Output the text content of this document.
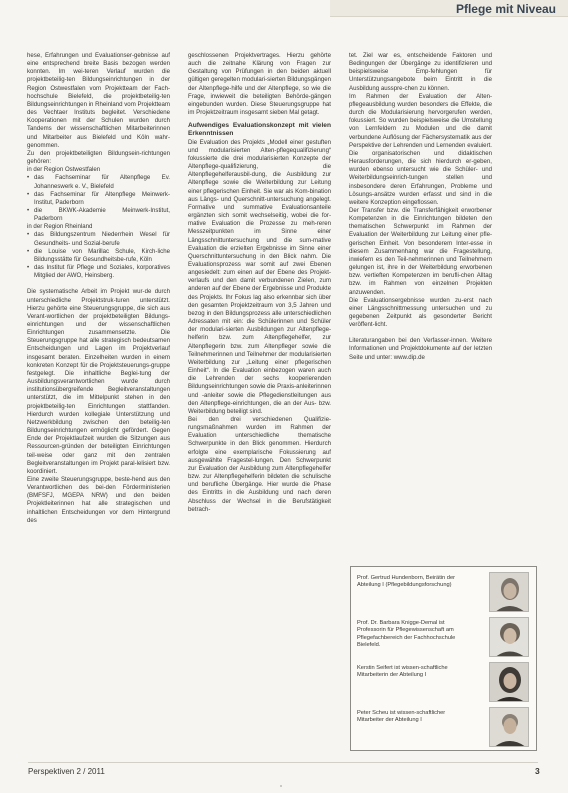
Pflege mit Niveau

hese, Erfahrungen und Evaluationser-gebnisse auf eine entsprechend breite Basis bezogen werden konnten. Im wei-teren Verlauf wurden die projektbeteilig-ten Bildungseinrichtungen in der Region Ostwestfalen vom Projektteam der Fach-hochschule Bielefeld, die projektbeteilig-ten Bildungseinrichtungen in Rheinland vom Projektteam des Vechtaer Instituts begleitet. Verschiedene Kooperationen mit der Schulen wurden durch Tandems der wissenschaftlichen Mitarbeiterinnen und Mitarbeiter aus Bielefeld und Köln wahr-genommen.

Zu den projektbeteiligten Bildungsein-richtungen gehören:

in der Region Ostwestfalen

• das Fachseminar für Altenpflege Ev. Johanneswerk e. V., Bielefeld
• das Fachseminar für Altenpflege Meinwerk-Institut, Paderborn
• die BKWK-Akademie Meinwerk-Institut, Paderborn

in der Region Rheinland

• das Bildungszentrum Niederrhein Wesel für Gesundheits- und Sozial-berufe
• die Louise von Marillac Schule, Kirch-liche Bildungsstätte für Gesundheitsbe-rufe, Köln
• das Institut für Pflege und Soziales, korporatives Mitglied der AWO, Heinsberg.

Die systematische Arbeit im Projekt wur-de durch unterschiedliche Projektstruk-turen unterstützt. Hierzu gehörte eine Steuerungsgruppe, die sich aus Verant-wortlichen der projektbeteiligten Bildungs-einrichtungen und der wissenschaftlichen Einrichtungen zusammensetzte. Die Steuerungsgruppe hat alle strategisch bedeutsamen Entscheidungen und Lagen im Projektverlauf insgesamt beraten. Einzelheiten wurden in einem konkreten Konzept für die Projektsteuerungs-gruppe festgelegt. Die inhaltliche Beglei-tung der Ausbildungsverantwortlichen wurde durch institutionsübergreifende Begleitveranstaltungen unterstützt, die im Mittelpunkt stehen in den projektbeteilig-ten Einrichtungen stattfanden. Hierdurch wurden kollegiale Unterstützung und Netzwerkbildung zwischen den beteilig-ten Bildungseinrichtungen ermöglicht gefördert. Gegen Ende der Projektlaufzeit wurden die Sitzungen aus Ressourcen-gründen der beteiligten Einrichtungen teil-weise oder ganz mit den zentralen Begleitveranstaltungen im Projekt paral-lelisiert bzw. koordiniert.

Eine zweite Steuerungsgruppe, beste-hend aus den Verantwortlichen des bei-den Förderministerien (BMFSFJ, MGEPA NRW) und den beiden Projektleiterinnen hat alle strategischen und inhaltlichen Entscheidungen vor dem Hintergrund des

geschlossenen Projektvertrages. Hierzu gehörte auch die zeitnahe Klärung von Fragen zur Gestaltung von Prüfungen in den beiden aktuell gültigen geregelten modulari-sierten Bildungsgängen der Altenpflege-hilfe und der Altenpflege, so wie die Frage, inwieweit die beteiligten Behörde-gängen eingebunden wurden. Diese Steuerungsgruppe hat im Projektzeitraum insgesamt sieben Mal getagt.

Aufwendiges Evaluationskonzept mit vielen Erkenntnissen

Die Evaluation des Projekts „Modell einer gestuften und modularisierten Alten-pflegequalifizierung“ fokussierte die drei modularisierten Konzepte der Altenpflege-qualifizierung, die Altenpflegehelferausbil-dung, die Ausbildung zur Altenpflege sowie die Weiterbildung zur Leitung einer pflegerischen Einheit. Sie war als Kom-bination aus Längs- und Querschnitt-untersuchung angelegt. Formative und summative Evaluationsanteile ergänzten sich somit wechselseitig, wobei die for-mative Evaluation die Prozesse zu meh-reren Messzeitpunkten im Sinne einer Längsschnittuntersuchung und die sum-mative Evaluation die erzielten Ergebnisse im Sinne einer Querschnittuntersuchung in den Blick nahm. Die Evaluationsprozess war somit auf zwei Ebenen angesiedelt: zum einen auf der Ebene des Projekt-verlaufs und den damit verbundenen Zielen, zum anderen auf der Ebene der Ergebnisse und Produkte des Projekts. Ihr Fokus lag also erkennbar sich über den gesamten Projektzeitraum von 3,5 Jahren und bezog in den Bildungsprozess alle unterschiedlichen Adressaten mit ein: die Schülerinnen und Schüler der modulari-sierten Ausbildungen zur Altenpflege-helferin bzw. zum Altenpflegehelfer, zur Altenpflegerin bzw. zum Altenpfleger sowie die Teilnehmerinnen und Teilnehmer der modularisierten Weiterbildung zur „Leitung einer pflegerischen Einheit“. In die Evaluation einbezogen waren auch die Lehrenden der sechs kooperierenden Bildungseinrichtungen sowie die Praxis-anleiterinnen und -anleiter sowie die Pflegedienstleitungen aus den Altenpflege-einrichtungen, die an der Aus- bzw. Weiterbildung beteiligt sind.

Bei den drei verschiedenen Qualifizie-rungsmaßnahmen wurden im Rahmen der Evaluation unterschiedliche thematische Schwerpunkte in den Blick genommen. Hierdurch erfolgte eine exemplarische Fokussierung auf ausgewählte Fragestel-lungen. Den Schwerpunkt zur Evaluation der Ausbildung zum Altenpflegehelfer bzw. zur Altenpflegehelferin bildeten die schulische und berufliche Übergänge. Hier wurde die Phase des Eintritts in die Ausbildung und nach deren Abschluss der Wechsel in die Berufstätigkeit betrach-

tet. Ziel war es, entscheidende Faktoren und Bedingungen der Übergänge zu identifizieren und beispielsweise Emp-fehlungen für Unterstützungsangebote beim Eintritt in die Ausbildung ausspre-chen zu können.

Im Rahmen der Evaluation der Alten-pflegeausbildung wurden besonders die Effekte, die durch die Modularisierung hervorgerufen werden, fokussiert. So wurden beispielsweise die Umstellung von Lernfeldern zu Modulen und die damit verbundene Auflösung der Fächersystematik aus der Perspektive der Lehrenden und Lernenden evaluiert. Die organisatorischen und didaktischen Herausforderungen, die sich hierdurch er-geben, wurden ebenso untersucht wie die Schüler- und Weiterbildungseinrich-tungen stellen und insbesondere deren Erfahrungen, Probleme und Lösungs-ansätze wurden erfasst und sind in die weitere Konzeption eingeflossen.

Der Transfer bzw. die Transferfähigkeit erworbener Kompetenzen in die Einrichtungen bildeten den thematischen Schwerpunkt im Rahmen der Evaluation der Weiterbildung zur Leitung einer pfle-gerischen Einheit. Von besonderem Inter-esse in diesem Zusammenhang war die Fragestellung, inwiefern es den Teil-nehmerinnen und Teilnehmern gelungen ist, ihre in der Weiterbildung erworbenen bzw. vertieften Kompetenzen im berufli-chen Alltag bzw. im Rahmen von einzelnen Projekten anzuwenden.

Die Evaluationsergebnisse wurden zu-erst nach einer Längsschnittmessung untersuchen und zu gegebenen Zeitpunkt als gesonderter Bericht veröffent-licht.

Literaturangaben bei den Verfasser-innen. Weitere Informationen und Projektdokumente auf der letzten Seite und unter: www.dip.de

Prof. Gertrud Hundenborn, Beirätin der Abteilung I (Pflegebildungsforschung)
Prof. Dr. Barbara Knigge-Demal ist Professorin für Pflegewissenschaft am Pflegefachbereich der Fachhochschule Bielefeld.
Kerstin Seifert ist wissen-schaftliche Mitarbeiterin der Abteilung I
Peter Scheu ist wissen-schaftlicher Mitarbeiter der Abteilung I
Perspektiven 2 / 2011	3
